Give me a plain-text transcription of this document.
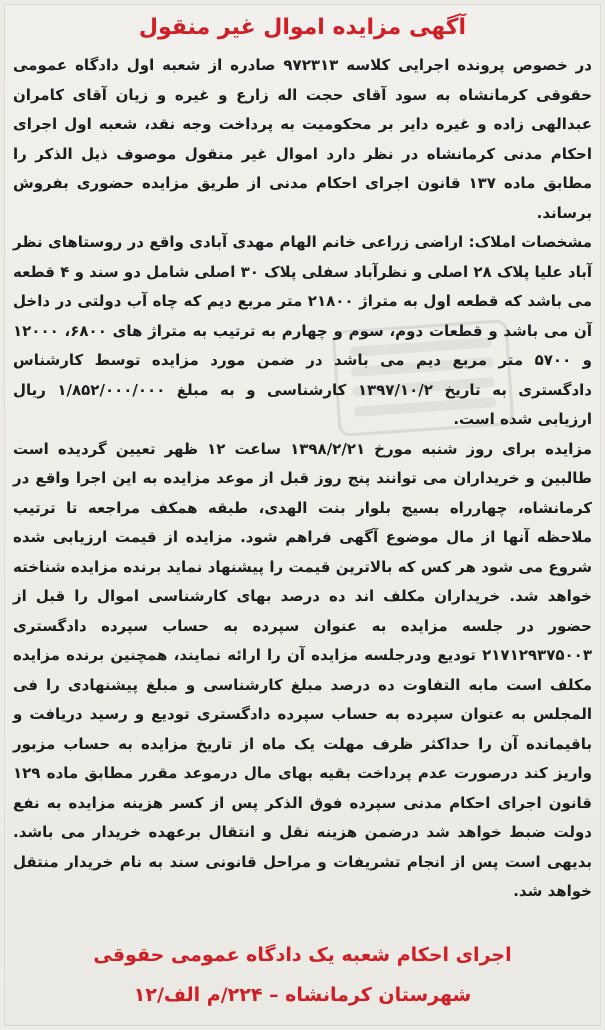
آگهی مزایده اموال غیر منقول

در خصوص پرونده اجرایی کلاسه ۹۷۲۳۱۳ صادره از شعبه اول دادگاه عمومی حقوقی کرمانشاه به سود آقای حجت اله زارع و غیره و زیان آقای کامران عبدالهی زاده و غیره دایر بر محکومیت به پرداخت وجه نقد، شعبه اول اجرای احکام مدنی کرمانشاه در نظر دارد اموال غیر منقول موصوف ذیل الذکر را مطابق ماده ۱۳۷ قانون اجرای احکام مدنی از طریق مزایده حضوری بفروش برساند.

مشخصات املاک: اراضی زراعی خانم الهام مهدی آبادی واقع در روستاهای نظر آباد علیا پلاک ۲۸ اصلی و نظرآباد سفلی پلاک ۳۰ اصلی شامل دو سند و ۴ قطعه می باشد که قطعه اول به متراژ ۲۱۸۰۰ متر مربع دیم که چاه آب دولتی در داخل آن می باشد و قطعات دوم، سوم و چهارم به ترتیب به متراژ های ۶۸۰۰، ۱۲۰۰۰ و ۵۷۰۰ متر مربع دیم می باشد در ضمن مورد مزایده توسط کارشناس دادگستری به تاریخ ۱۳۹۷/۱۰/۲ کارشناسی و به مبلغ ۱/۸۵۲/۰۰۰/۰۰۰ ریال ارزیابی شده است.

مزایده برای روز شنبه مورخ ۱۳۹۸/۲/۲۱ ساعت ۱۲ ظهر تعیین گردیده است طالبین و خریداران می توانند پنج روز قبل از موعد مزایده به این اجرا واقع در کرمانشاه، چهارراه بسیج بلوار بنت الهدی، طبقه همکف مراجعه تا ترتیب ملاحظه آنها از مال موضوع آگهی فراهم شود. مزایده از قیمت ارزیابی شده شروع می شود هر کس که بالاترین قیمت را پیشنهاد نماید برنده مزایده شناخته خواهد شد. خریداران مکلف اند ده درصد بهای کارشناسی اموال را قبل از حضور در جلسه مزایده به عنوان سپرده به حساب سپرده دادگستری ۲۱۷۱۲۹۳۷۵۰۰۳ توديع ودرجلسه مزایده آن را ارائه نمایند، همچنین برنده مزایده مکلف است مابه التفاوت ده درصد مبلغ کارشناسی و مبلغ پیشنهادی را فی المجلس به عنوان سپرده به حساب سپرده دادگستری تودیع و رسید دریافت و باقیمانده آن را حداکثر ظرف مهلت یک ماه از تاریخ مزایده به حساب مزبور واریز کند درصورت عدم پرداخت بقیه بهای مال درموعد مقرر مطابق ماده ۱۲۹ قانون اجرای احکام مدنی سپرده فوق الذکر پس از کسر هزینه مزایده به نفع دولت ضبط خواهد شد درضمن هزینه نقل و انتقال برعهده خریدار می باشد. بدیهی است پس از انجام تشریفات و مراحل قانونی سند به نام خریدار منتقل خواهد شد.

اجرای احکام شعبه یک دادگاه عمومی حقوقی
شهرستان کرمانشاه – ۲۲۴/م الف/۱۲
